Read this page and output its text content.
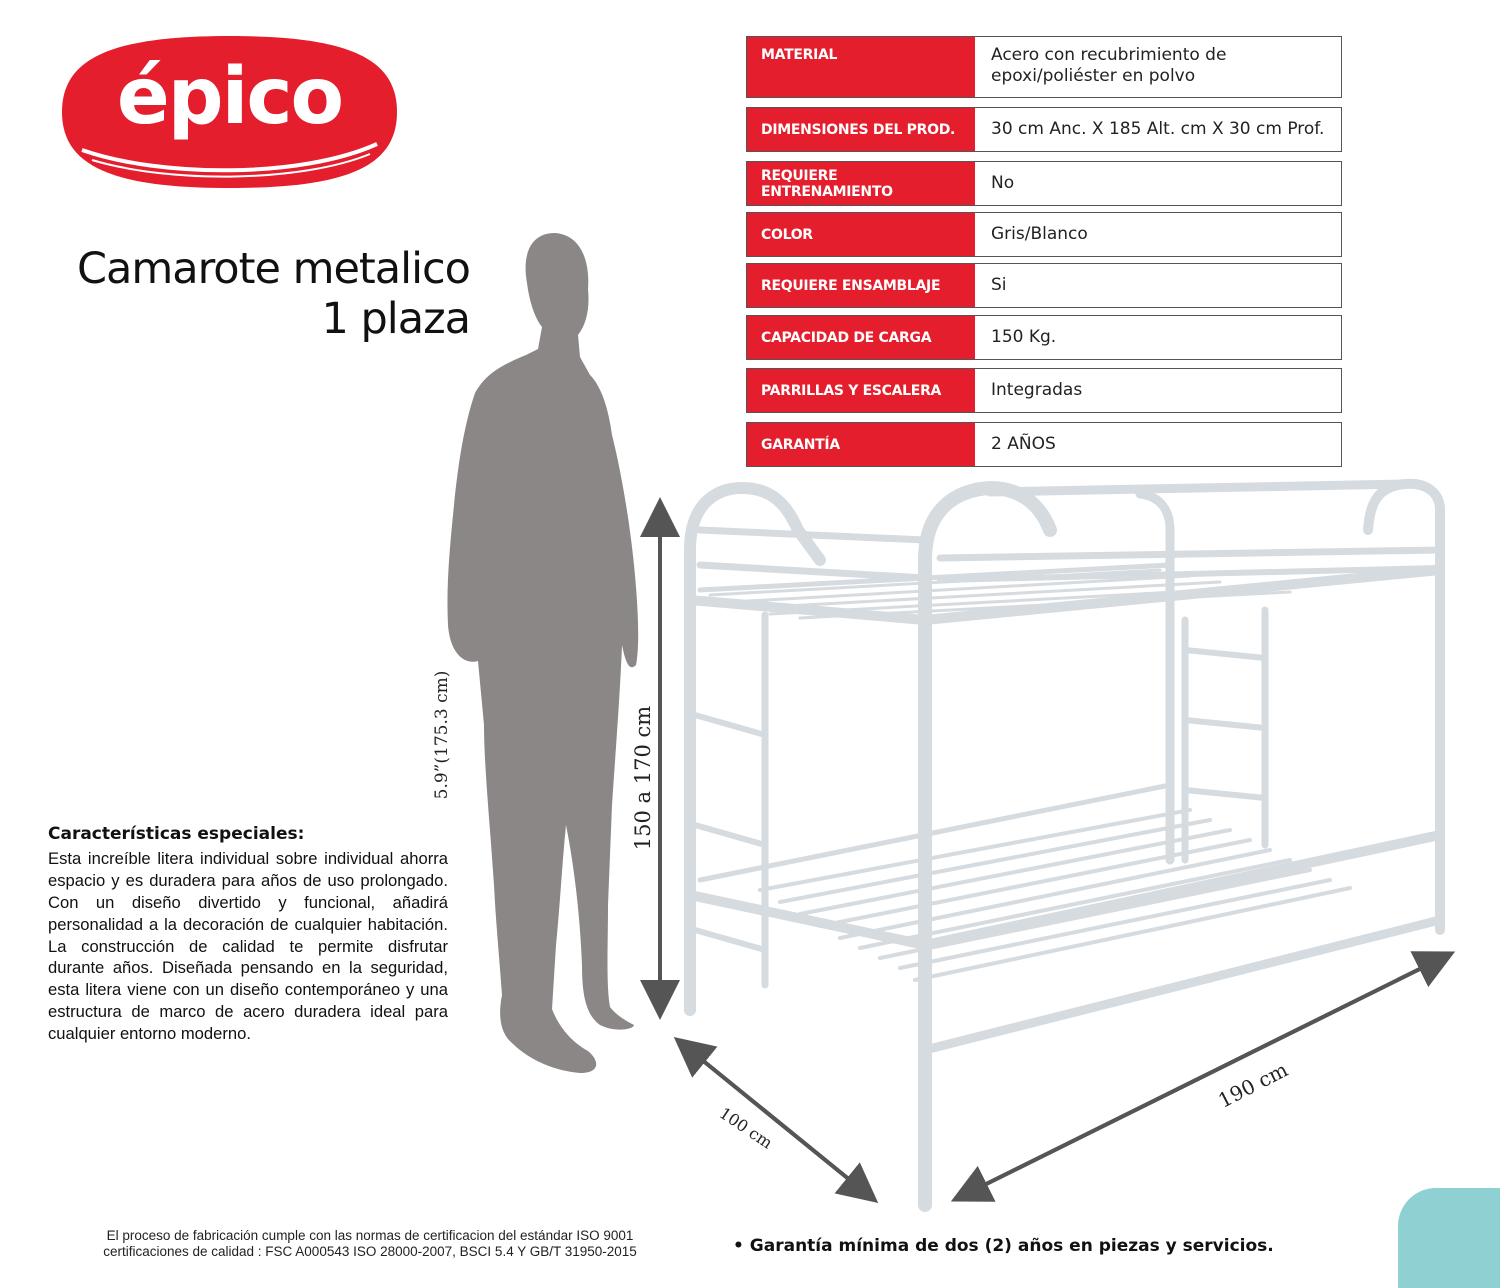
épico
Camarote metalico
1 plaza
MATERIAL	Acero con recubrimiento de epoxi/poliéster en polvo
DIMENSIONES DEL PROD.	30 cm Anc. X 185 Alt. cm X 30 cm Prof.
REQUIERE ENTRENAMIENTO	No
COLOR	Gris/Blanco
REQUIERE ENSAMBLAJE	Si
CAPACIDAD DE CARGA	150 Kg.
PARRILLAS Y ESCALERA	Integradas
GARANTÍA	2 AÑOS
5.9”(175.3 cm)	150 a 170 cm
100 cm
190 cm
Características especiales:
Esta increíble litera individual sobre individual ahorra espacio y es duradera para años de uso prolongado. Con un diseño divertido y funcional, añadirá personalidad a la decoración de cualquier habitación. La construcción de calidad te permite disfrutar durante años. Diseñada pensando en la seguridad, esta litera viene con un diseño contemporáneo y una estructura de marco de acero duradera ideal para cualquier entorno moderno.
El proceso de fabricación cumple con las normas de certificacion del estándar ISO 9001
certificaciones de calidad : FSC A000543 ISO 28000-2007, BSCI 5.4 Y GB/T 31950-2015	• Garantía mínima de dos (2) años en piezas y servicios.
